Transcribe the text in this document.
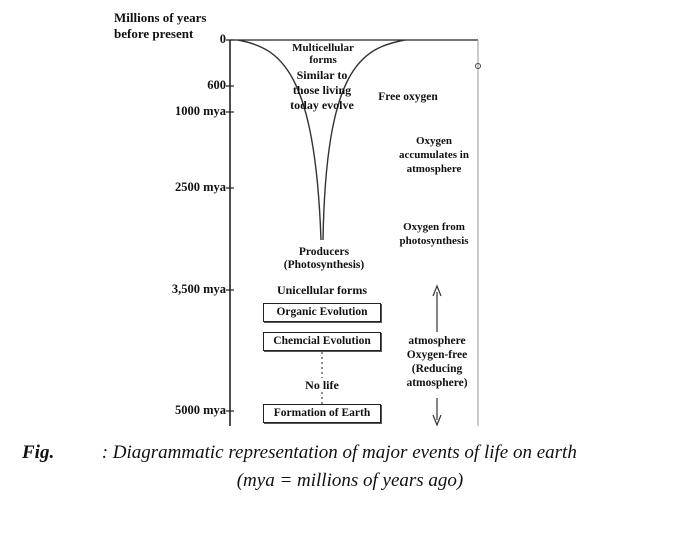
Millions of years before present	0
600
1000 mya
2500 mya
3,500 mya
5000 mya
Multicellular forms
Similar to those living today evolve
Producers (Photosynthesis)
Unicellular forms
No life
Organic Evolution
Chemcial Evolution
Formation of Earth
Free oxygen
Oxygen accumulates in atmosphere
Oxygen from photosynthesis
atmosphere Oxygen-free (Reducing atmosphere)
Fig.	: Diagrammatic representation of major events of life on earth
(mya = millions of years ago)
